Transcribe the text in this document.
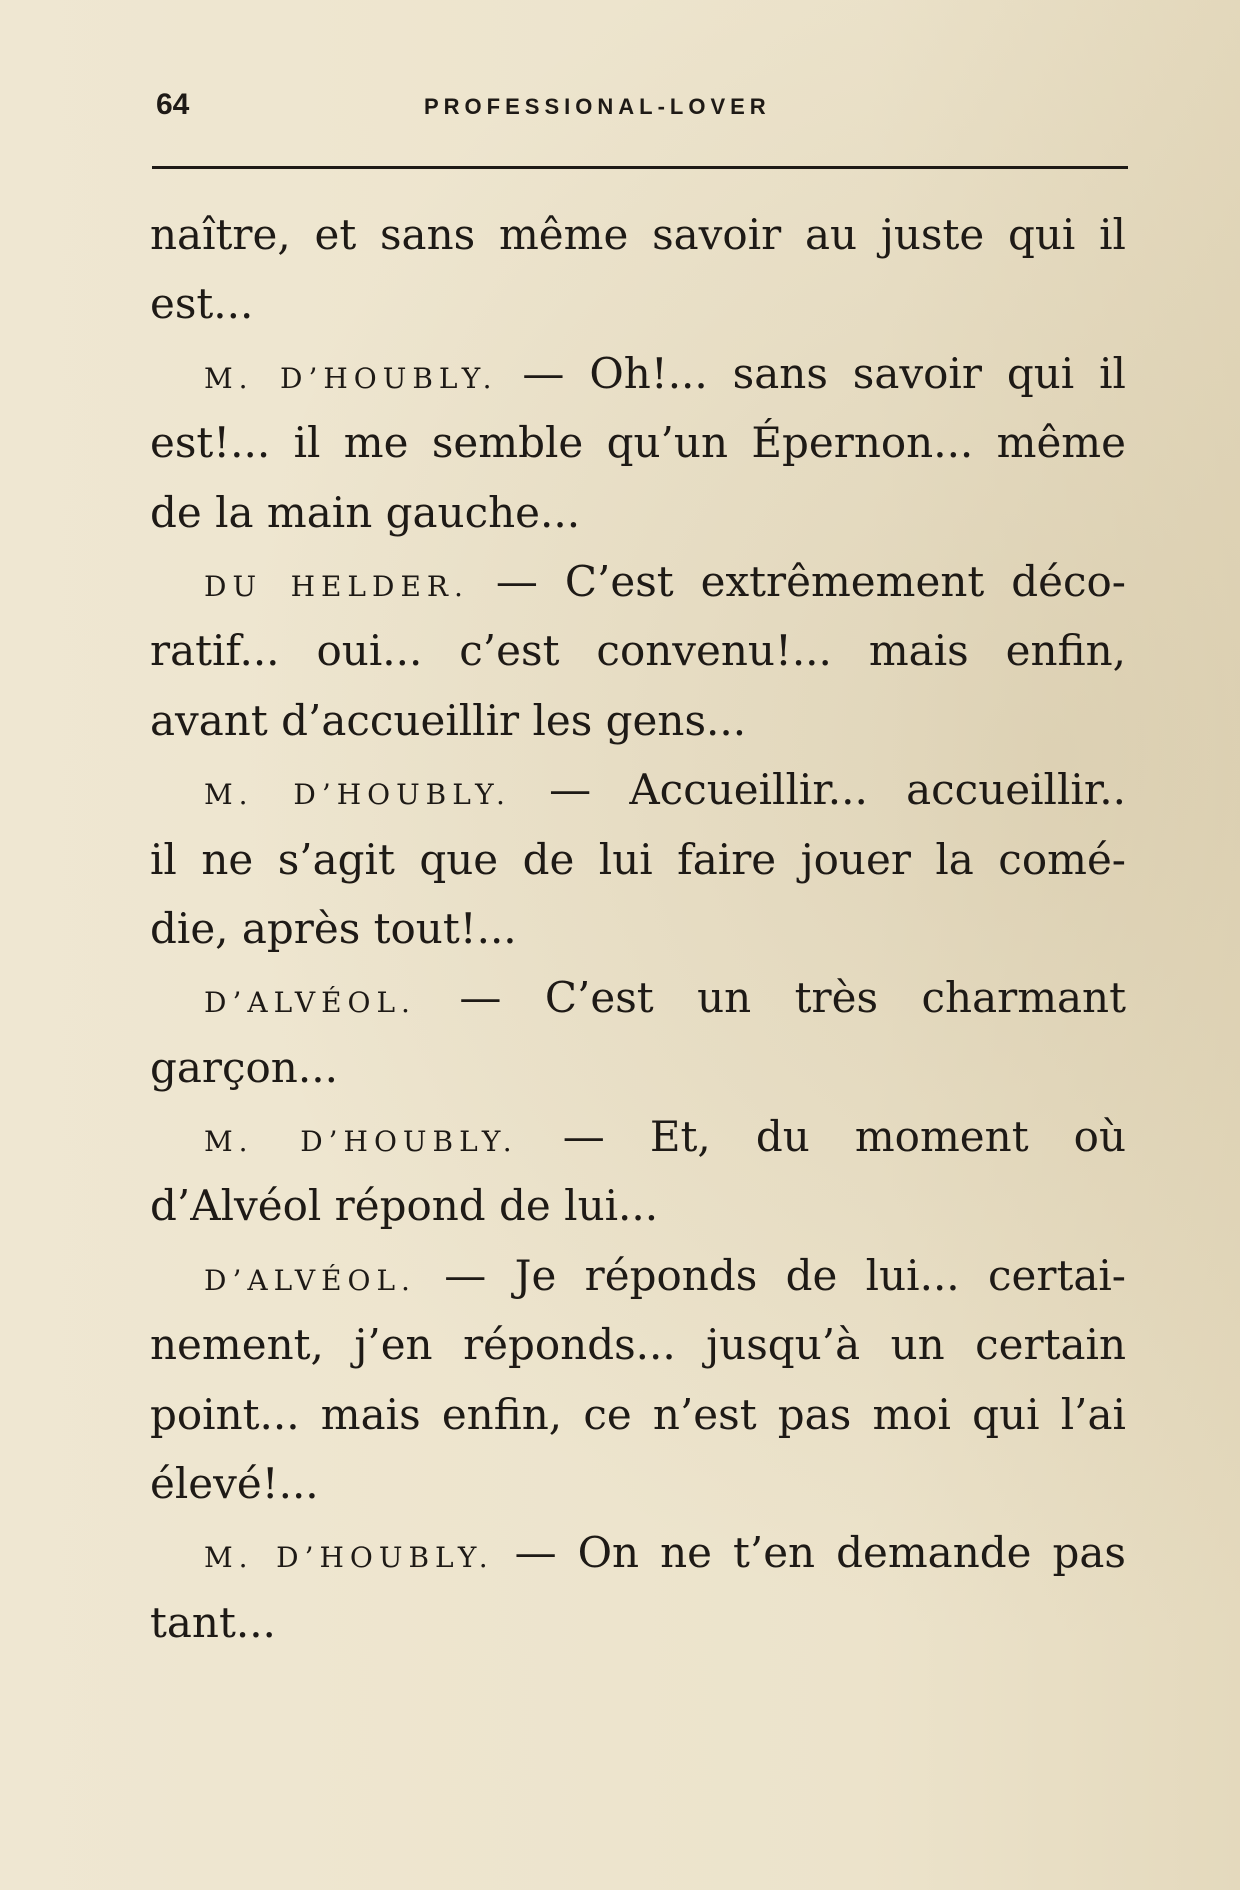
64	PROFESSIONAL-LOVER
naître, et sans même savoir au juste qui il
est...
M. D’HOUBLY. — Oh!... sans savoir qui il
est!... il me semble qu’un Épernon... même
de la main gauche...
DU HELDER. — C’est extrêmement déco-
ratif... oui... c’est convenu!... mais enfin,
avant d’accueillir les gens...
M. D’HOUBLY. — Accueillir... accueillir..
il ne s’agit que de lui faire jouer la comé-
die, après tout!...
D’ALVÉOL. — C’est un très charmant
garçon...
M. D’HOUBLY. — Et, du moment où
d’Alvéol répond de lui...
D’ALVÉOL. — Je réponds de lui... certai-
nement, j’en réponds... jusqu’à un certain
point... mais enfin, ce n’est pas moi qui l’ai
élevé!...
M. D’HOUBLY. — On ne t’en demande pas
tant...
